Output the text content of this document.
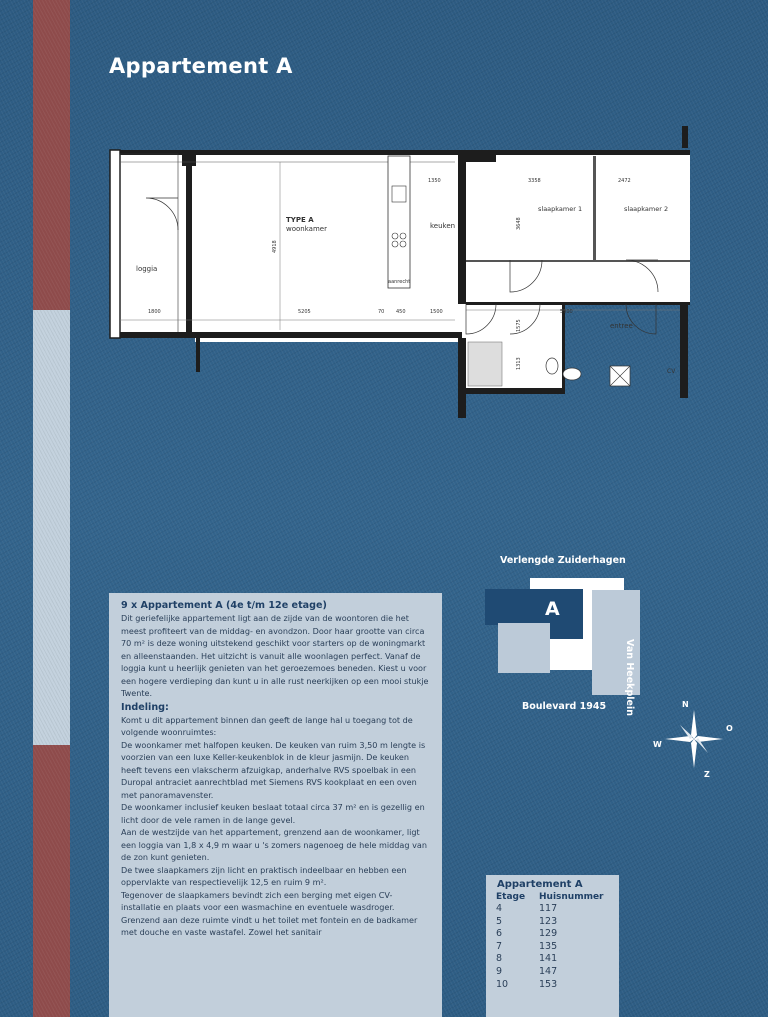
Appartement A
TYPE A
woonkamer	keuken
loggia
slaapkamer 1	slaapkamer 2
entree
aanrecht
CV
1350	3358	2472
4918
3648
1800	5205	70 450	1500	5900
1575
1313

9 x Appartement A (4e t/m 12e etage)

Dit geriefelijke appartement ligt aan de zijde van de woontoren die het meest profiteert van de middag- en avondzon. Door haar grootte van circa 70 m² is deze woning uitstekend geschikt voor starters op de woningmarkt en alleenstaanden. Het uitzicht is vanuit alle woonlagen perfect. Vanaf de loggia kunt u heerlijk genieten van het geroezemoes beneden. Kiest u voor een hogere verdieping dan kunt u in alle rust neerkijken op een mooi stukje Twente.

Indeling:

Komt u dit appartement binnen dan geeft de lange hal u toegang tot de volgende woonruimtes:

De woonkamer met halfopen keuken. De keuken van ruim 3,50 m lengte is voorzien van een luxe Keller-keukenblok in de kleur jasmijn. De keuken heeft tevens een vlakscherm afzuigkap, anderhalve RVS spoelbak in een Duropal antraciet aanrechtblad met Siemens RVS kookplaat en een oven met panoramavenster.

De woonkamer inclusief keuken beslaat totaal circa 37 m² en is gezellig en licht door de vele ramen in de lange gevel.

Aan de westzijde van het appartement, grenzend aan de woonkamer, ligt een loggia van 1,8 x 4,9 m waar u 's zomers nagenoeg de hele middag van de zon kunt genieten.

De twee slaapkamers zijn licht en praktisch indeelbaar en hebben een oppervlakte van respectievelijk 12,5 en ruim 9 m².

Tegenover de slaapkamers bevindt zich een berging met eigen CV-installatie en plaats voor een wasmachine en eventuele wasdroger. Grenzend aan deze ruimte vindt u het toilet met fontein en de badkamer met douche en vaste wastafel. Zowel het sanitair

Verlengde Zuiderhagen
A
Boulevard 1945 Van Heekplein	N
O
Z
W

Appartement A

Etage	Huisnummer
4	117
5	123
6	129
7	135
8	141
9	147
10	153
